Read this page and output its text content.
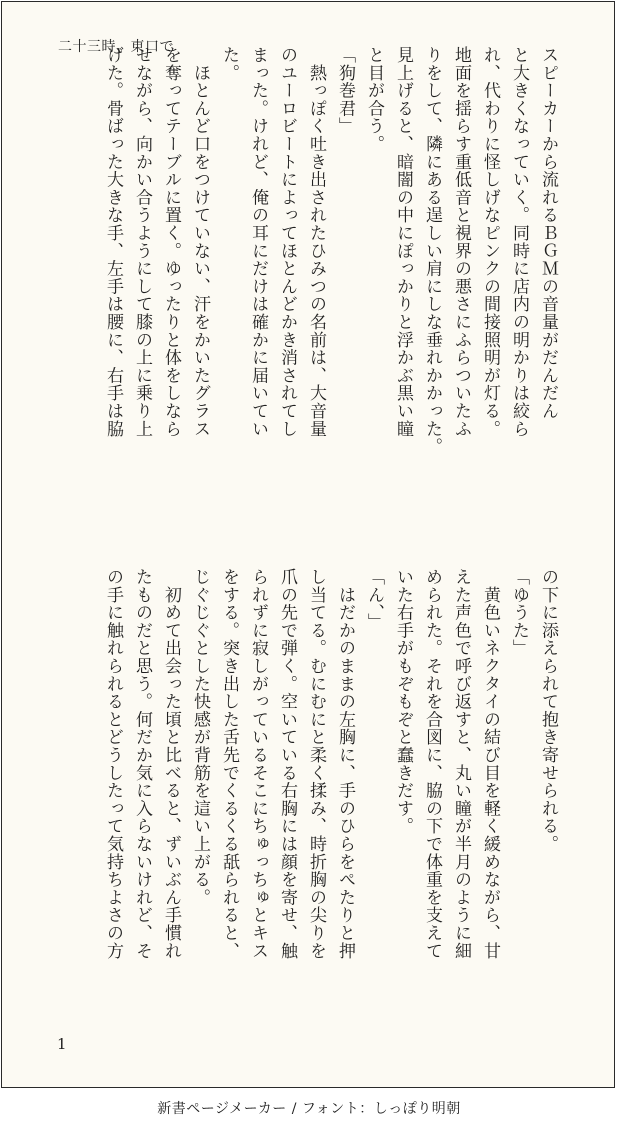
二十三時、東口で	スピーカーから流れるＢＧＭの音量がだんだん
と大きくなっていく。同時に店内の明かりは絞ら
れ、代わりに怪しげなピンクの間接照明が灯る。
地面を揺らす重低音と視界の悪さにふらついたふ
りをして、隣にある逞しい肩にしな垂れかかった。
見上げると、暗闇の中にぽっかりと浮かぶ黒い瞳
と目が合う。
「狗巻君」
　熱っぽく吐き出されたひみつの名前は、大音量
のユーロビートによってほとんどかき消されてし
まった。けれど、俺の耳にだけは確かに届いてい
た。
　ほとんど口をつけていない、汗をかいたグラス
を奪ってテーブルに置く。ゆったりと体をしなら
せながら、向かい合うようにして膝の上に乗り上
げた。骨ばった大きな手、左手は腰に、右手は脇
の下に添えられて抱き寄せられる。
「ゆうた」
　黄色いネクタイの結び目を軽く緩めながら、甘
えた声色で呼び返すと、丸い瞳が半月のように細
められた。それを合図に、脇の下で体重を支えて
いた右手がもぞもぞと蠢きだす。
「ん、」
　はだかのままの左胸に、手のひらをぺたりと押
し当てる。むにむにと柔く揉み、時折胸の尖りを
爪の先で弾く。空いている右胸には顔を寄せ、触
られずに寂しがっているそこにちゅっちゅとキス
をする。突き出した舌先でくるくる舐られると、
じぐじぐとした快感が背筋を這い上がる。
　初めて出会った頃と比べると、ずいぶん手慣れ
たものだと思う。何だか気に入らないけれど、そ
の手に触れられるとどうしたって気持ちよさの方
1
新書ページメーカー / フォント：しっぽり明朝
